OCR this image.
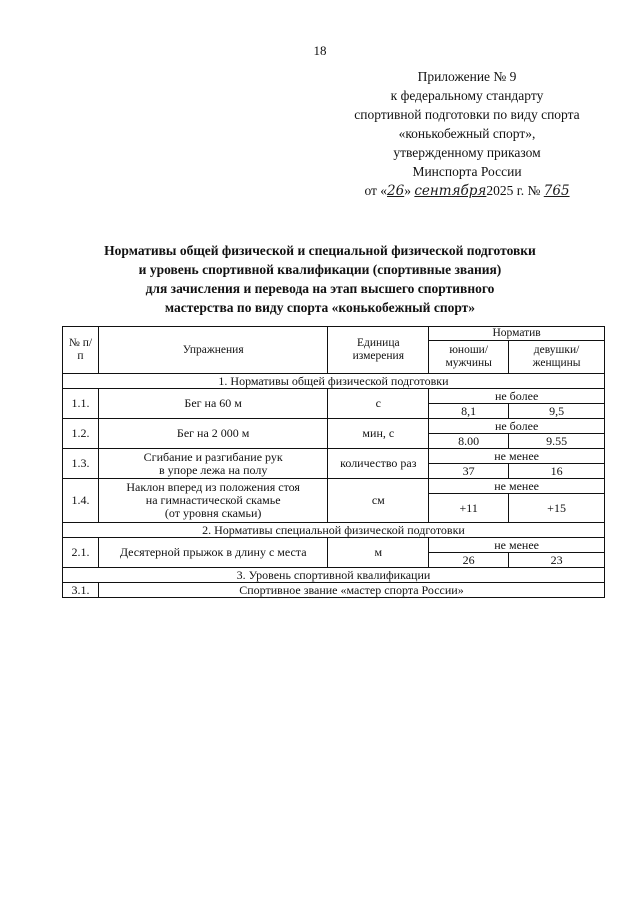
18
Приложение № 9
к федеральному стандарту
спортивной подготовки по виду спорта
«конькобежный спорт»,
утвержденному приказом
Минспорта России
от «26» сентября2025 г. № 765
Нормативы общей физической и специальной физической подготовки
и уровень спортивной квалификации (спортивные звания)
для зачисления и перевода на этап высшего спортивного
мастерства по виду спорта «конькобежный спорт»
№ п/п	Упражнения	Единица измерения	Норматив	
			юноши/ мужчины	девушки/ женщины
1. Нормативы общей физической подготовки				
1.1.	Бег на 60 м	с	не более	
			8,1	9,5
1.2.	Бег на 2 000 м	мин, с	не более	
			8.00	9.55
1.3.	Сгибание и разгибание рук
в упоре лежа на полу	количество раз	не менее	
			37	16
1.4.	Наклон вперед из положения стоя
на гимнастической скамье
(от уровня скамьи)	см	не менее	
			+11	+15
2. Нормативы специальной физической подготовки				
2.1.	Десятерной прыжок в длину с места	м	не менее	
			26	23
3. Уровень спортивной квалификации				
3.1.	Спортивное звание «мастер спорта России»			
